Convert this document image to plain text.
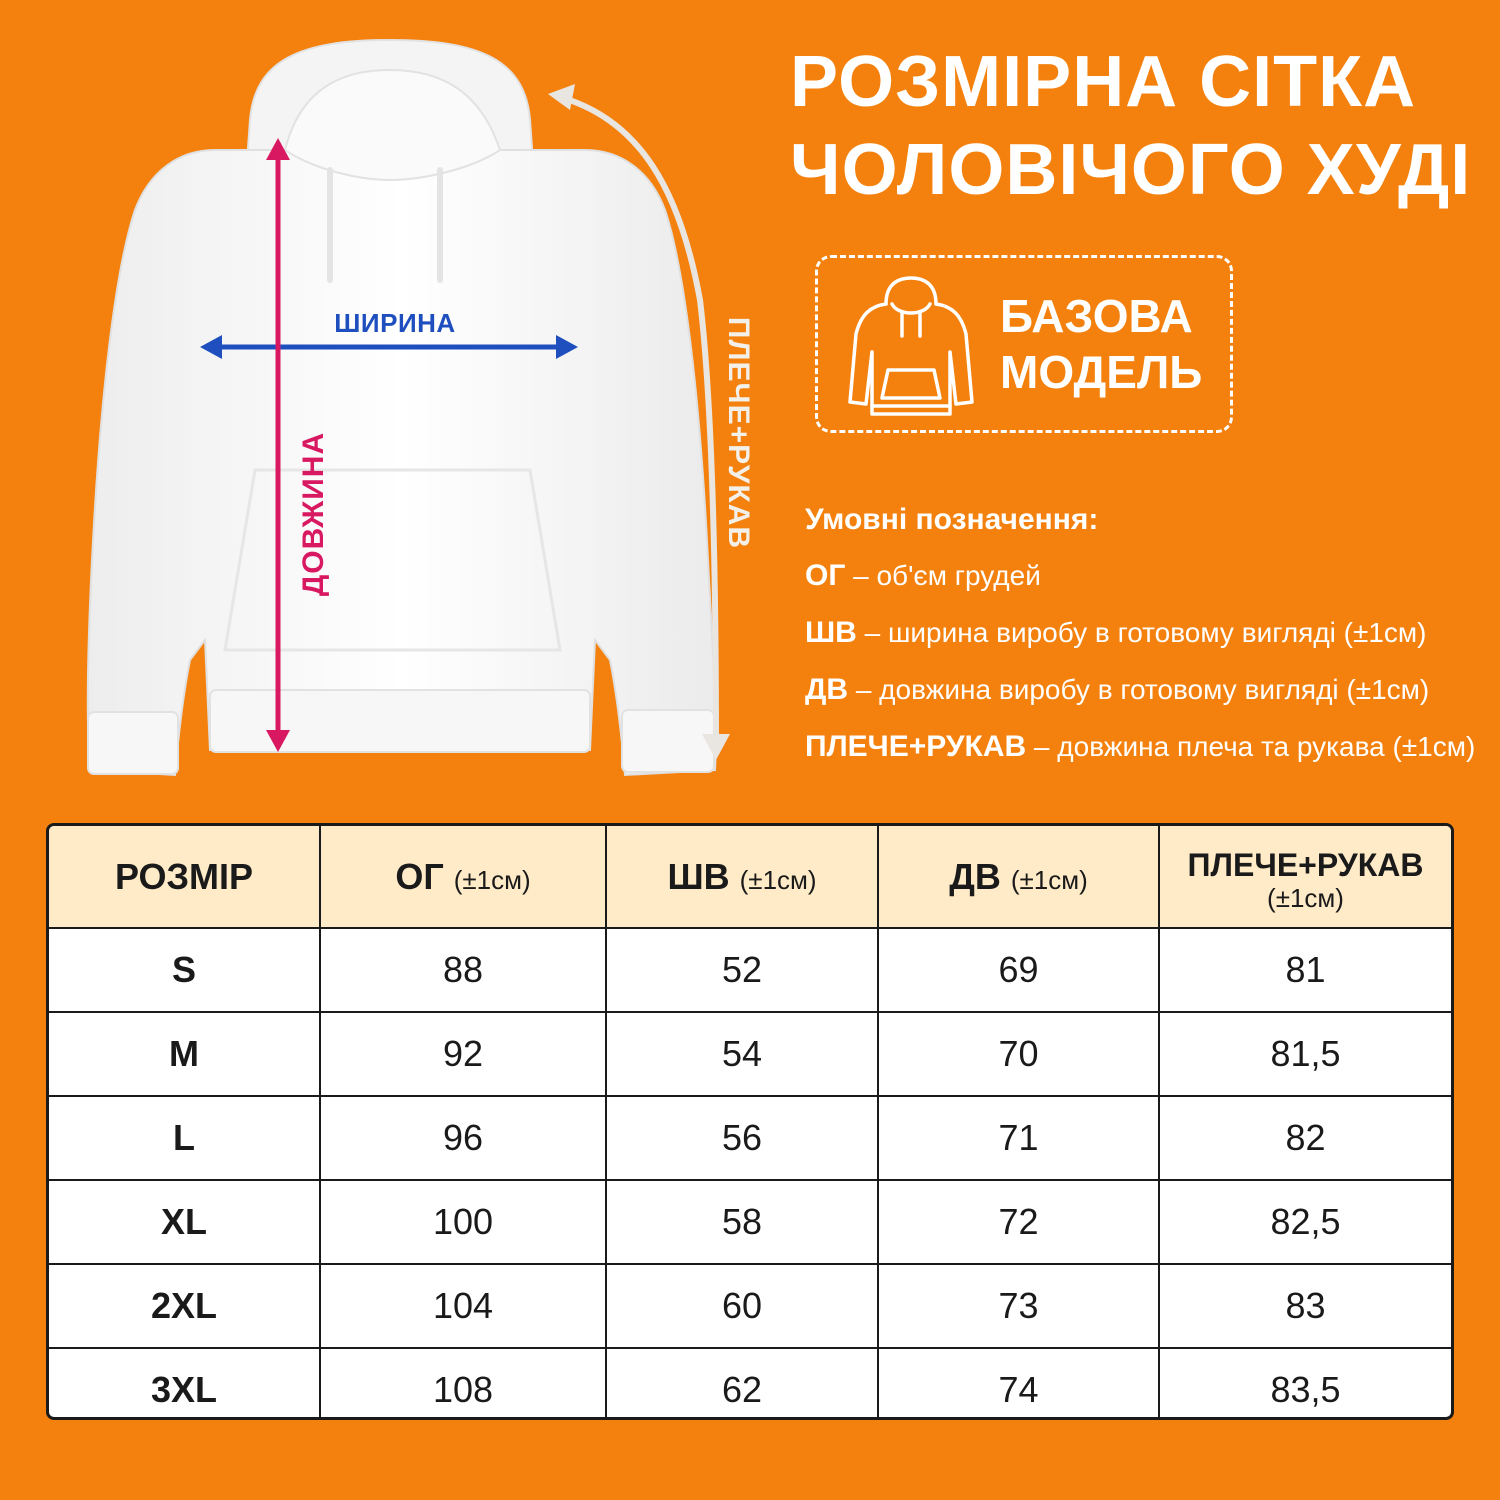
ШИРИНА
ДОВЖИНА	ПЛЕЧЕ+РУКАВ
РОЗМІРНА СІТКА
ЧОЛОВІЧОГО ХУДІ
БАЗОВА
МОДЕЛЬ
Умовні позначення:
ОГ – об'єм грудей
ШВ – ширина виробу в готовому вигляді (±1см)
ДВ – довжина виробу в готовому вигляді (±1см)
ПЛЕЧЕ+РУКАВ – довжина плеча та рукава (±1см)
РОЗМІР	ОГ (±1см)	ШВ (±1см)	ДВ (±1см)	ПЛЕЧЕ+РУКАВ
(±1см)

S	88	52	69	81
M	92	54	70	81,5
L	96	56	71	82
XL	100	58	72	82,5
2XL	104	60	73	83
3XL	108	62	74	83,5
